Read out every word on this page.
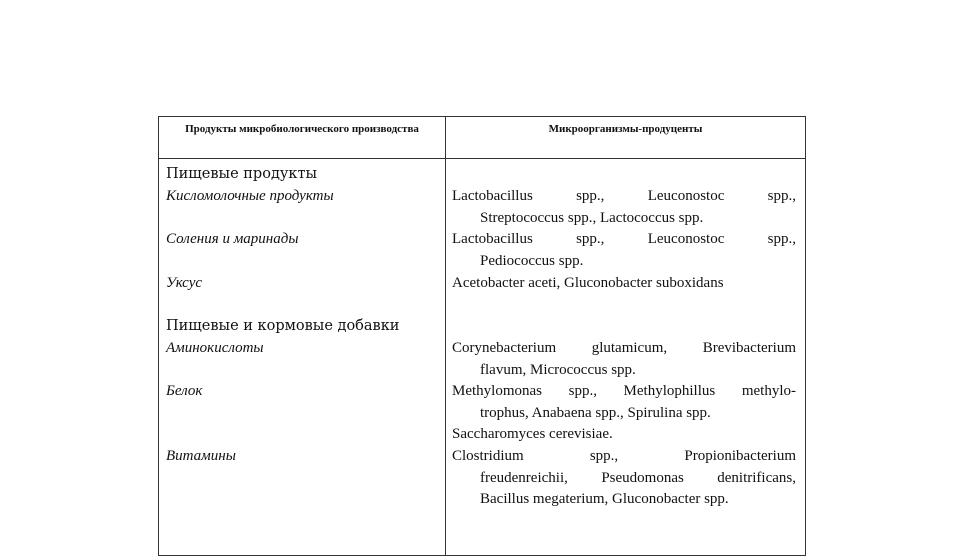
Продукты микробиологического производства	Микроорганизмы-продуценты
Пищевые продукты
Кисломолочные продукты	Lactobacillus spp., Leuconostoc spp.,
Streptococcus spp., Lactococcus spp.
Соления и маринады	Lactobacillus spp., Leuconostoc spp.,
Pediococcus spp.
Уксус	Acetobacter aceti, Gluconobacter suboxidans
Пищевые и кормовые добавки
Аминокислоты	Corynebacterium glutamicum, Brevibacterium
flavum, Micrococcus spp.
Белок	Methylomonas spp., Methylophillus methylo-
trophus, Anabaena spp., Spirulina spp.
Saccharomyces cerevisiae.
Витамины	Clostridium spp., Propionibacterium
freudenreichii, Pseudomonas denitrificans,
Bacillus megaterium, Gluconobacter spp.
